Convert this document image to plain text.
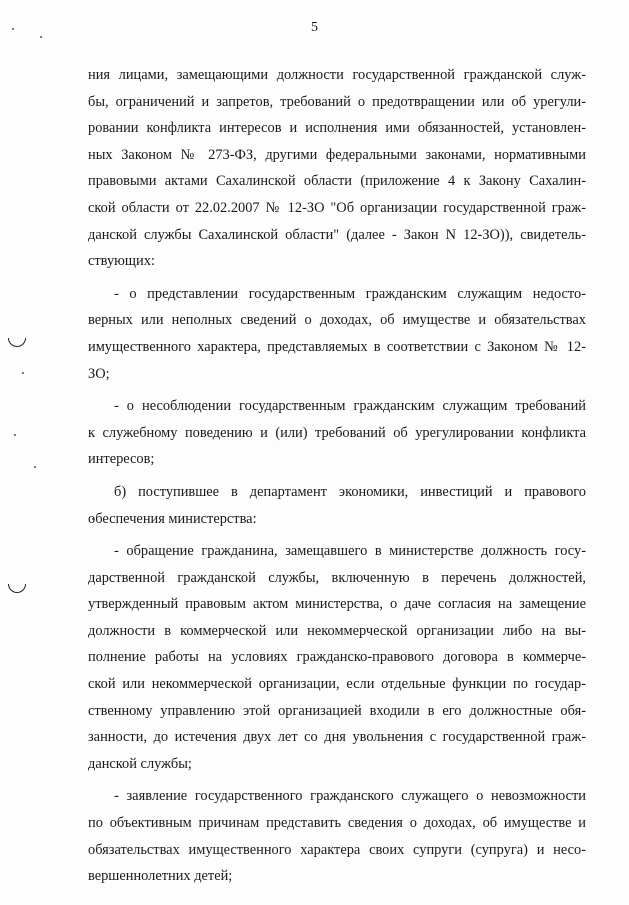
5
ния лицами, замещающими должности государственной гражданской служ-
бы, ограничений и запретов, требований о предотвращении или об урегули-
ровании конфликта интересов и исполнения ими обязанностей, установлен-
ных Законом № 273-ФЗ, другими федеральными законами, нормативными
правовыми актами Сахалинской области (приложение 4 к Закону Сахалин-
ской области от 22.02.2007 № 12-ЗО "Об организации государственной граж-
данской службы Сахалинской области" (далее - Закон N 12-ЗО)), свидетель-
ствующих:
- о представлении государственным гражданским служащим недосто-
верных или неполных сведений о доходах, об имуществе и обязательствах
имущественного характера, представляемых в соответствии с Законом № 12-
ЗО;
- о несоблюдении государственным гражданским служащим требований
к служебному поведению и (или) требований об урегулировании конфликта
интересов;
б) поступившее в департамент экономики, инвестиций и правового
обеспечения министерства:
- обращение гражданина, замещавшего в министерстве должность госу-
дарственной гражданской службы, включенную в перечень должностей,
утвержденный правовым актом министерства, о даче согласия на замещение
должности в коммерческой или некоммерческой организации либо на вы-
полнение работы на условиях гражданско-правового договора в коммерче-
ской или некоммерческой организации, если отдельные функции по государ-
ственному управлению этой организацией входили в его должностные обя-
занности, до истечения двух лет со дня увольнения с государственной граж-
данской службы;
- заявление государственного гражданского служащего о невозможности
по объективным причинам представить сведения о доходах, об имуществе и
обязательствах имущественного характера своих супруги (супруга) и несо-
вершеннолетних детей;
